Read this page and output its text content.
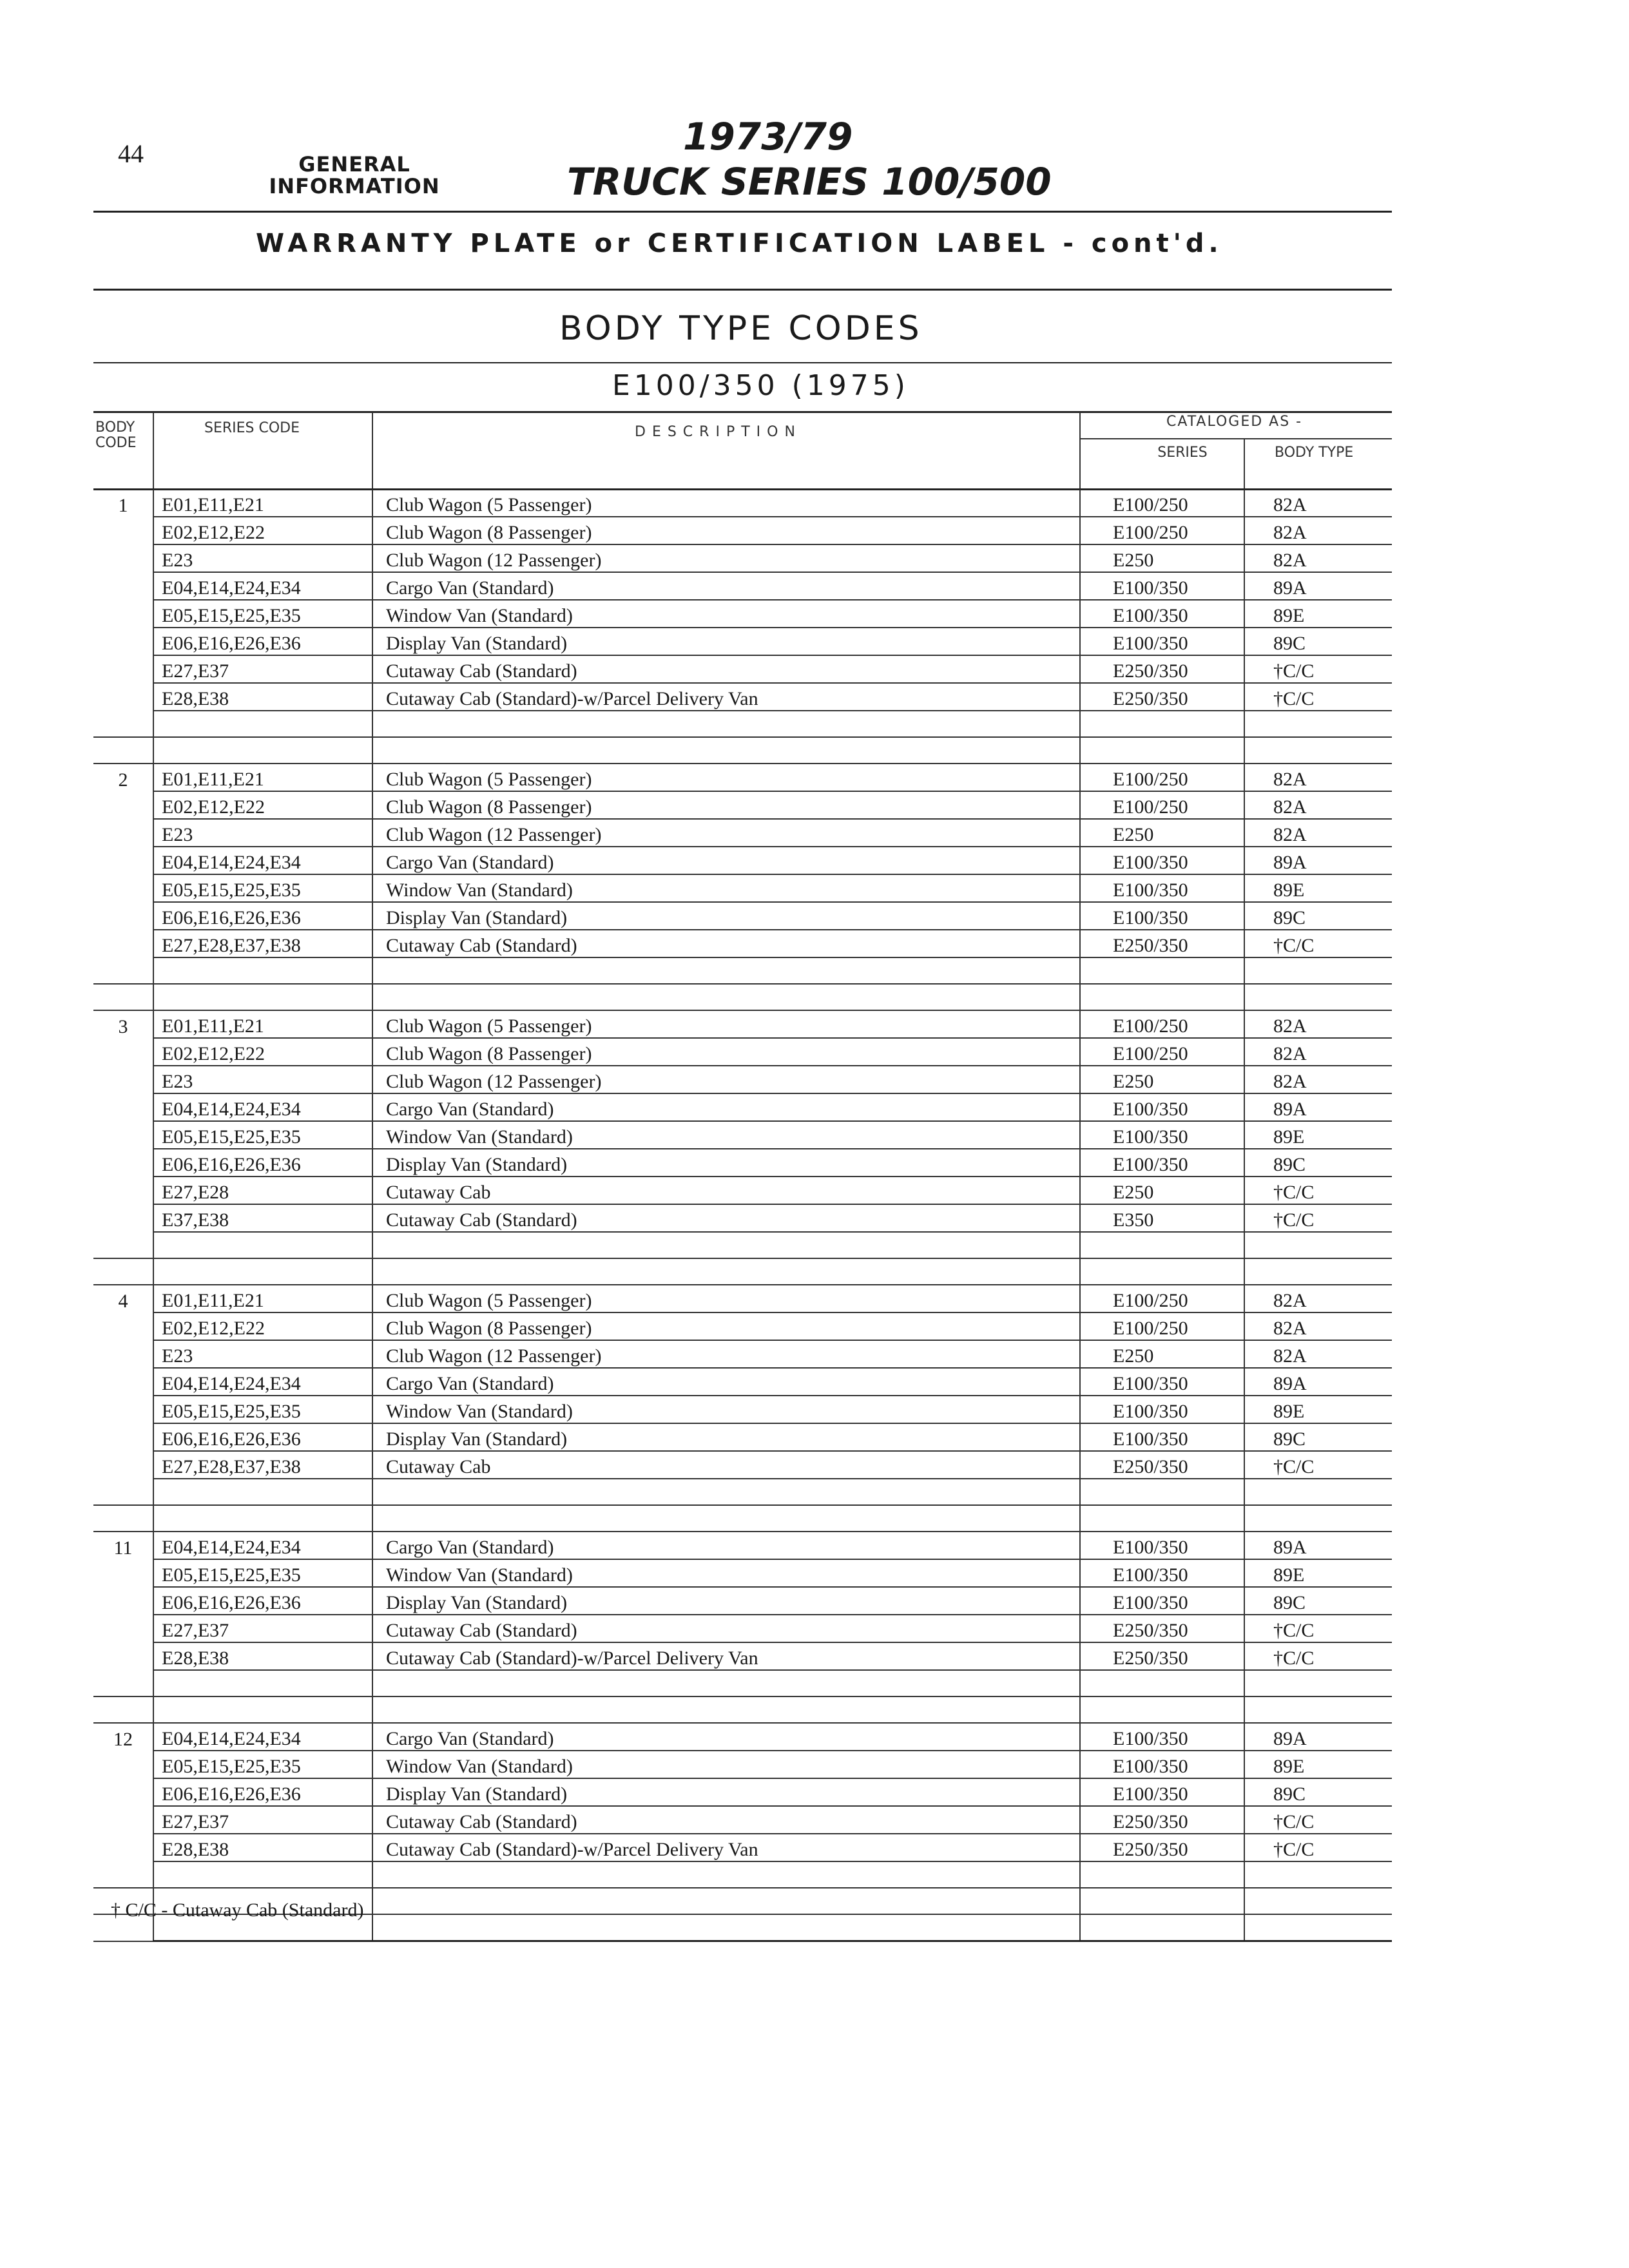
44	GENERAL
INFORMATION
1973/79
TRUCK SERIES 100/500
WARRANTY PLATE or CERTIFICATION LABEL - cont'd.
BODY TYPE CODES
E100/350 (1975)
BODY
CODE
SERIES CODE	DESCRIPTION
CATALOGED AS -
SERIES	BODY TYPE
1	E01,E11,E21	Club Wagon (5 Passenger)	E100/250	82A
	E02,E12,E22	Club Wagon (8 Passenger)	E100/250	82A
	E23	Club Wagon (12 Passenger)	E250	82A
	E04,E14,E24,E34	Cargo Van (Standard)	E100/350	89A
	E05,E15,E25,E35	Window Van (Standard)	E100/350	89E
	E06,E16,E26,E36	Display Van (Standard)	E100/350	89C
	E27,E37	Cutaway Cab (Standard)	E250/350	†C/C
	E28,E38	Cutaway Cab (Standard)-w/Parcel Delivery Van	E250/350	†C/C

2	E01,E11,E21	Club Wagon (5 Passenger)	E100/250	82A
	E02,E12,E22	Club Wagon (8 Passenger)	E100/250	82A
	E23	Club Wagon (12 Passenger)	E250	82A
	E04,E14,E24,E34	Cargo Van (Standard)	E100/350	89A
	E05,E15,E25,E35	Window Van (Standard)	E100/350	89E
	E06,E16,E26,E36	Display Van (Standard)	E100/350	89C
	E27,E28,E37,E38	Cutaway Cab (Standard)	E250/350	†C/C

3	E01,E11,E21	Club Wagon (5 Passenger)	E100/250	82A
	E02,E12,E22	Club Wagon (8 Passenger)	E100/250	82A
	E23	Club Wagon (12 Passenger)	E250	82A
	E04,E14,E24,E34	Cargo Van (Standard)	E100/350	89A
	E05,E15,E25,E35	Window Van (Standard)	E100/350	89E
	E06,E16,E26,E36	Display Van (Standard)	E100/350	89C
	E27,E28	Cutaway Cab	E250	†C/C
	E37,E38	Cutaway Cab (Standard)	E350	†C/C

4	E01,E11,E21	Club Wagon (5 Passenger)	E100/250	82A
	E02,E12,E22	Club Wagon (8 Passenger)	E100/250	82A
	E23	Club Wagon (12 Passenger)	E250	82A
	E04,E14,E24,E34	Cargo Van (Standard)	E100/350	89A
	E05,E15,E25,E35	Window Van (Standard)	E100/350	89E
	E06,E16,E26,E36	Display Van (Standard)	E100/350	89C
	E27,E28,E37,E38	Cutaway Cab	E250/350	†C/C

11	E04,E14,E24,E34	Cargo Van (Standard)	E100/350	89A
	E05,E15,E25,E35	Window Van (Standard)	E100/350	89E
	E06,E16,E26,E36	Display Van (Standard)	E100/350	89C
	E27,E37	Cutaway Cab (Standard)	E250/350	†C/C
	E28,E38	Cutaway Cab (Standard)-w/Parcel Delivery Van	E250/350	†C/C

12	E04,E14,E24,E34	Cargo Van (Standard)	E100/350	89A
	E05,E15,E25,E35	Window Van (Standard)	E100/350	89E
	E06,E16,E26,E36	Display Van (Standard)	E100/350	89C
	E27,E37	Cutaway Cab (Standard)	E250/350	†C/C
	E28,E38	Cutaway Cab (Standard)-w/Parcel Delivery Van	E250/350	†C/C

† C/C - Cutaway Cab (Standard)
